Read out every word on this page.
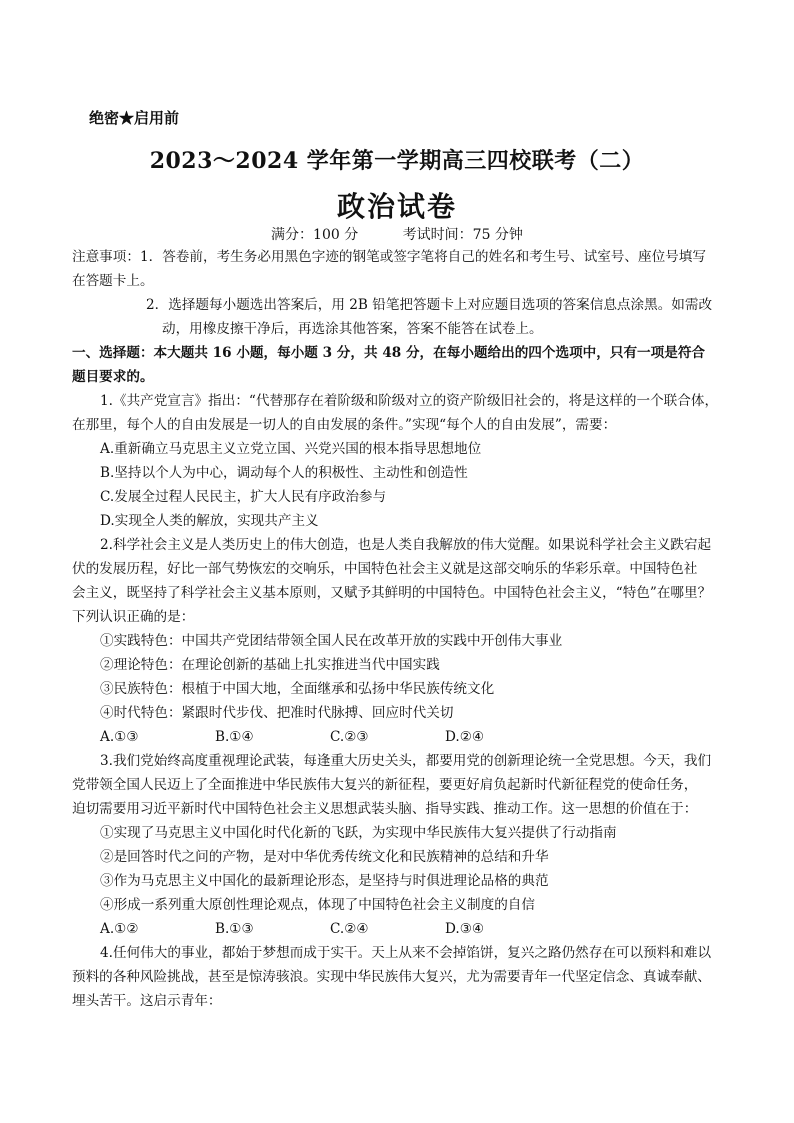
绝密★启用前
2023～2024 学年第一学期高三四校联考（二）
政治试卷
满分：100 分	考试时间：75 分钟
注意事项：1．答卷前，考生务必用黑色字迹的钢笔或签字笔将自己的姓名和考生号、试室号、座位号填写
在答题卡上。
2．选择题每小题选出答案后，用 2B 铅笔把答题卡上对应题目选项的答案信息点涂黑。如需改
动，用橡皮擦干净后，再选涂其他答案，答案不能答在试卷上。
一、选择题：本大题共 16 小题，每小题 3 分，共 48 分，在每小题给出的四个选项中，只有一项是符合
题目要求的。
1.《共产党宣言》指出：“代替那存在着阶级和阶级对立的资产阶级旧社会的，将是这样的一个联合体，
在那里，每个人的自由发展是一切人的自由发展的条件。”实现“每个人的自由发展”，需要：
A.重新确立马克思主义立党立国、兴党兴国的根本指导思想地位
B.坚持以个人为中心，调动每个人的积极性、主动性和创造性
C.发展全过程人民民主，扩大人民有序政治参与
D.实现全人类的解放，实现共产主义
2.科学社会主义是人类历史上的伟大创造，也是人类自我解放的伟大觉醒。如果说科学社会主义跌宕起
伏的发展历程，好比一部气势恢宏的交响乐，中国特色社会主义就是这部交响乐的华彩乐章。中国特色社
会主义，既坚持了科学社会主义基本原则，又赋予其鲜明的中国特色。中国特色社会主义，“特色”在哪里？
下列认识正确的是：
①实践特色：中国共产党团结带领全国人民在改革开放的实践中开创伟大事业
②理论特色：在理论创新的基础上扎实推进当代中国实践
③民族特色：根植于中国大地，全面继承和弘扬中华民族传统文化
④时代特色：紧跟时代步伐、把准时代脉搏、回应时代关切
A.①③	B.①④	C.②③	D.②④
3.我们党始终高度重视理论武装，每逢重大历史关头，都要用党的创新理论统一全党思想。今天，我们
党带领全国人民迈上了全面推进中华民族伟大复兴的新征程，要更好肩负起新时代新征程党的使命任务，
迫切需要用习近平新时代中国特色社会主义思想武装头脑、指导实践、推动工作。这一思想的价值在于：
①实现了马克思主义中国化时代化新的飞跃，为实现中华民族伟大复兴提供了行动指南
②是回答时代之问的产物，是对中华优秀传统文化和民族精神的总结和升华
③作为马克思主义中国化的最新理论形态，是坚持与时俱进理论品格的典范
④形成一系列重大原创性理论观点，体现了中国特色社会主义制度的自信
A.①②	B.①③	C.②④	D.③④
4.任何伟大的事业，都始于梦想而成于实干。天上从来不会掉馅饼，复兴之路仍然存在可以预料和难以
预料的各种风险挑战，甚至是惊涛骇浪。实现中华民族伟大复兴，尤为需要青年一代坚定信念、真诚奉献、
埋头苦干。这启示青年：
